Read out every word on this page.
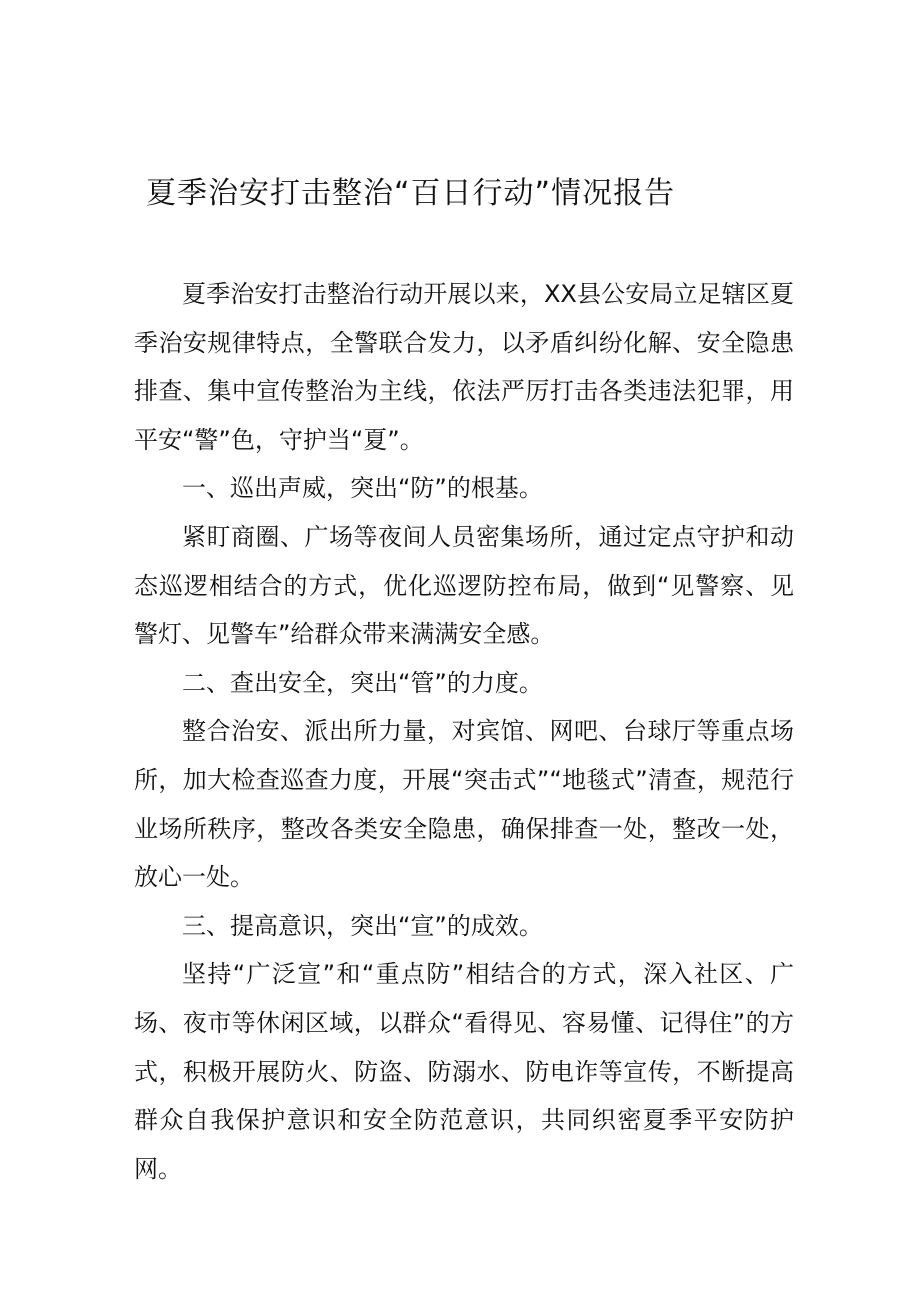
夏季治安打击整治“百日行动”情况报告

夏季治安打击整治行动开展以来，XX县公安局立足辖区夏季治安规律特点，全警联合发力，以矛盾纠纷化解、安全隐患排查、集中宣传整治为主线，依法严厉打击各类违法犯罪，用平安“警”色，守护当“夏”。

一、巡出声威，突出“防”的根基。

紧盯商圈、广场等夜间人员密集场所，通过定点守护和动态巡逻相结合的方式，优化巡逻防控布局，做到“见警察、见警灯、见警车”给群众带来满满安全感。

二、查出安全，突出“管”的力度。

整合治安、派出所力量，对宾馆、网吧、台球厅等重点场所，加大检查巡查力度，开展“突击式”“地毯式”清查，规范行业场所秩序，整改各类安全隐患，确保排查一处，整改一处，放心一处。

三、提高意识，突出“宣”的成效。

坚持“广泛宣”和“重点防”相结合的方式，深入社区、广场、夜市等休闲区域，以群众“看得见、容易懂、记得住”的方式，积极开展防火、防盗、防溺水、防电诈等宣传，不断提高群众自我保护意识和安全防范意识，共同织密夏季平安防护网。
